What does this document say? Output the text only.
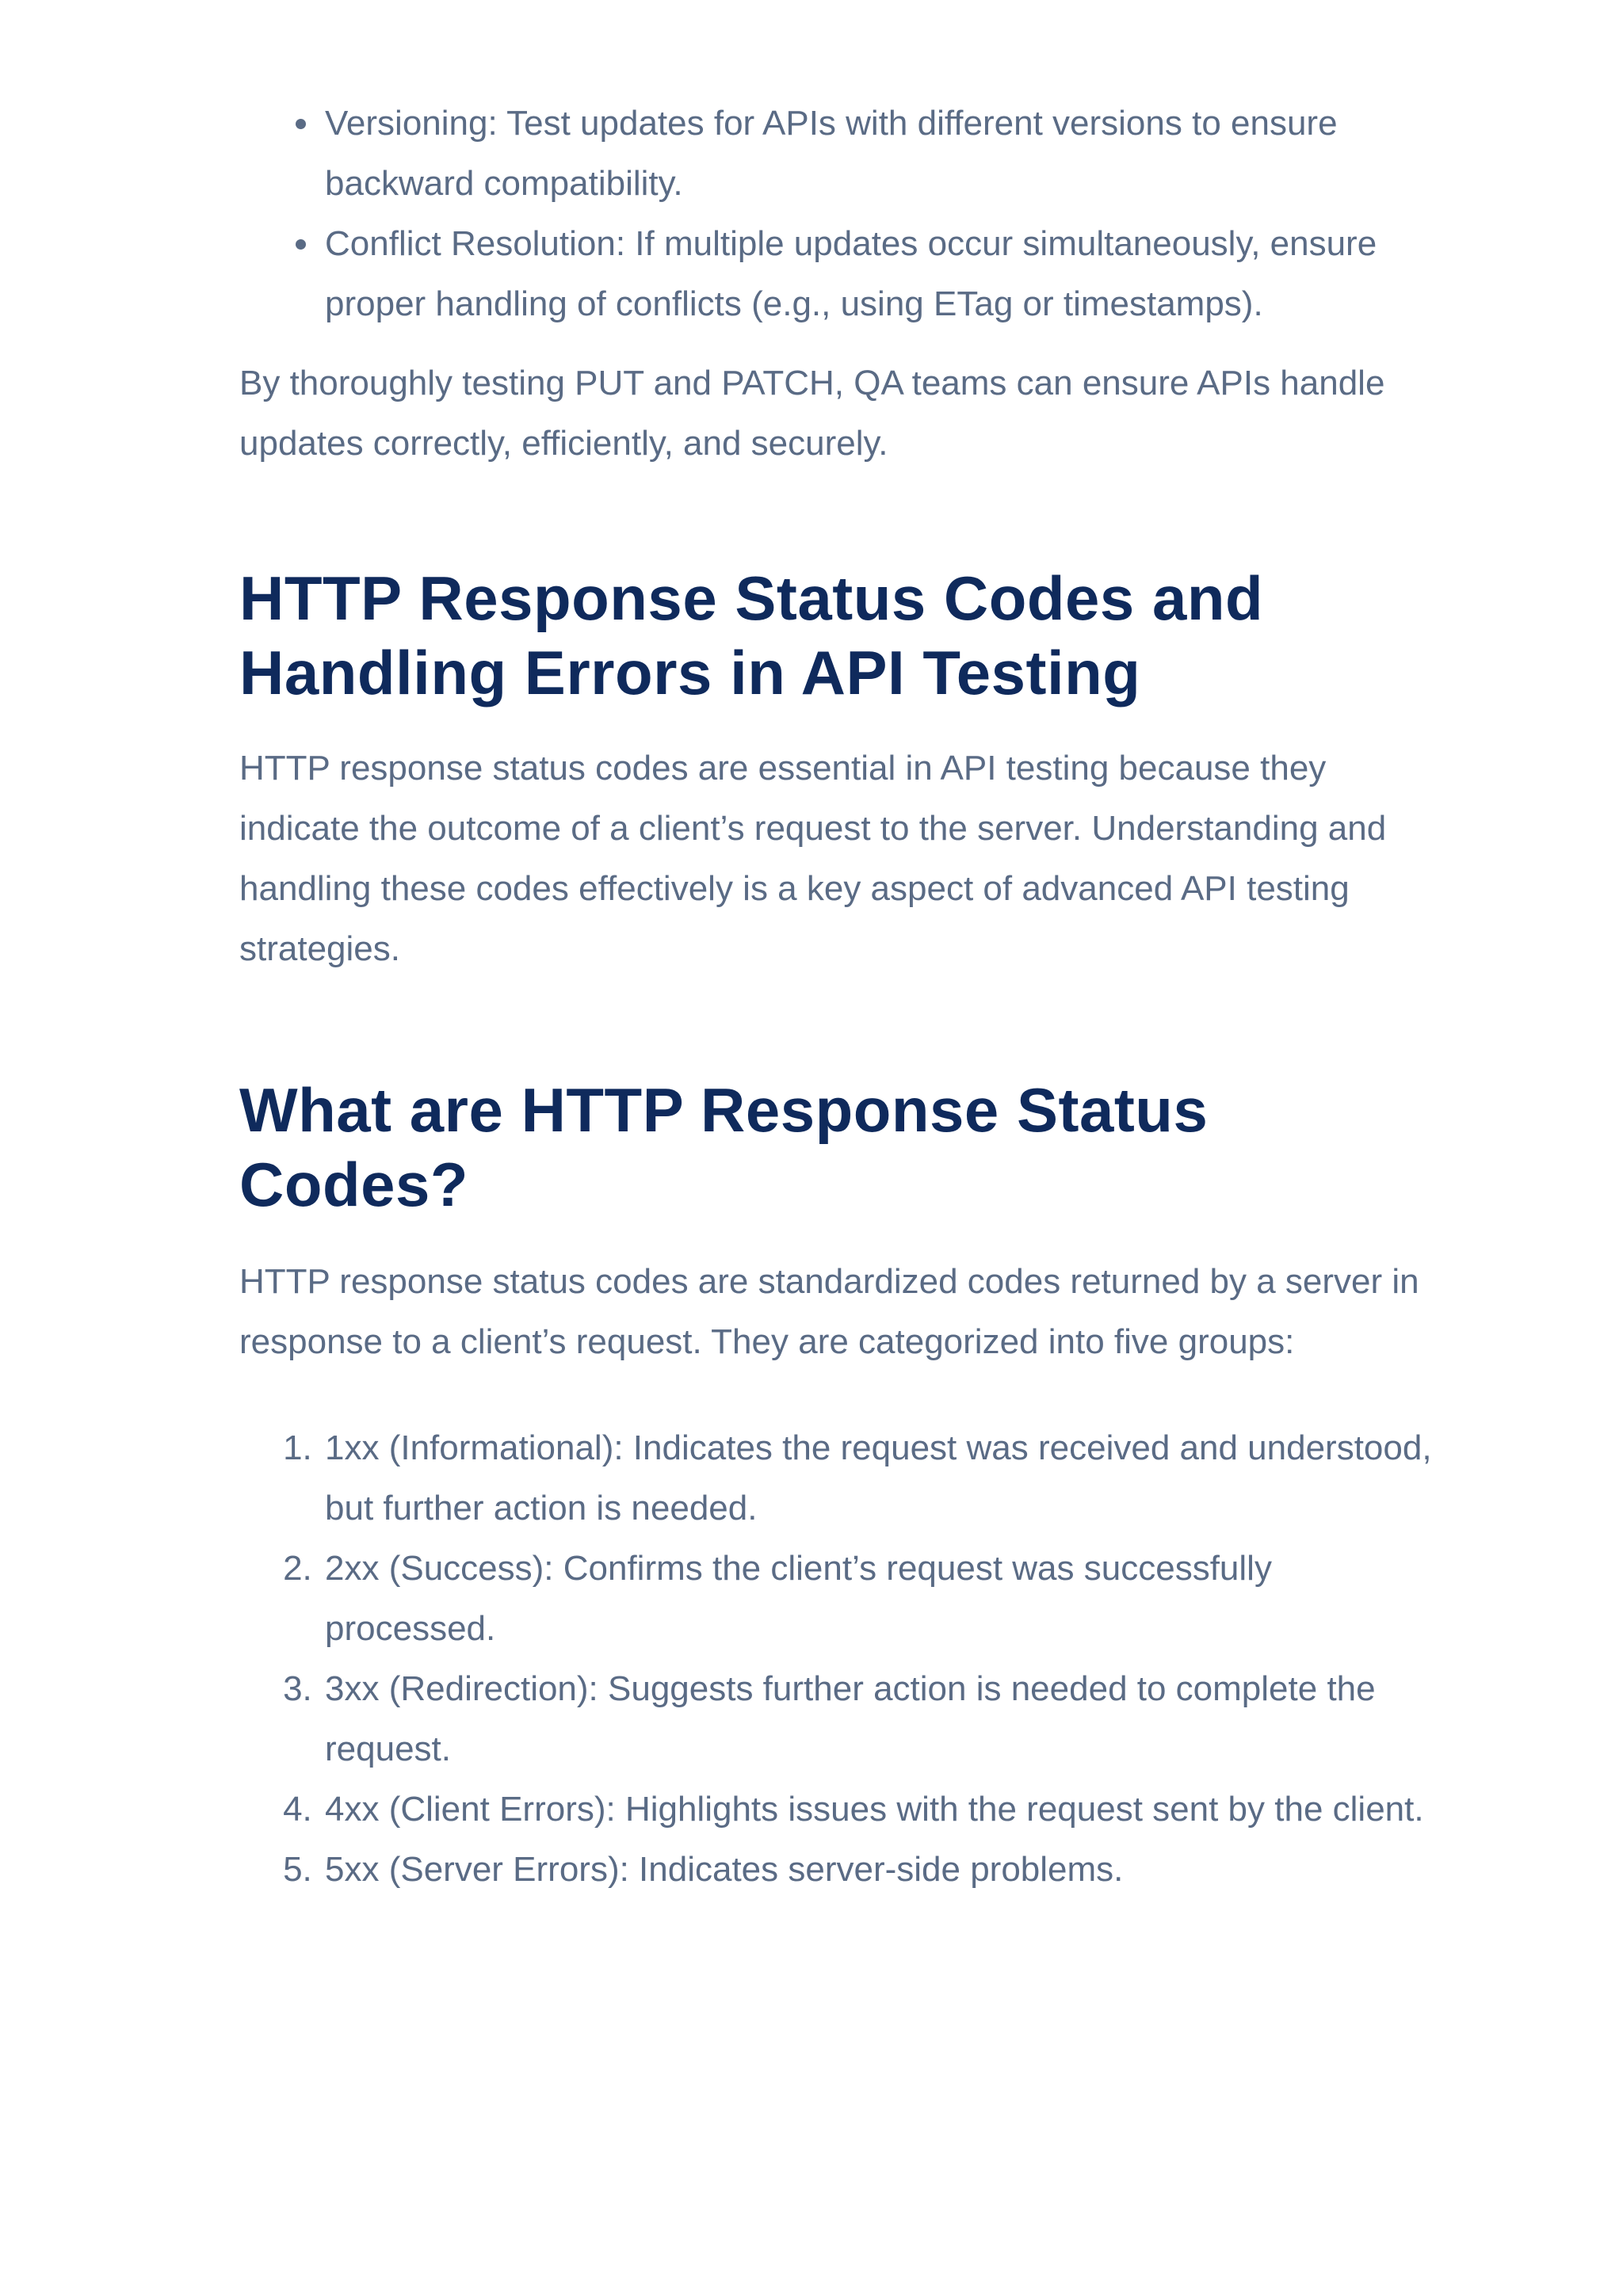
• Versioning: Test updates for APIs with different versions to ensure backward compatibility.
• Conflict Resolution: If multiple updates occur simultaneously, ensure proper handling of conflicts (e.g., using ETag or timestamps).

By thoroughly testing PUT and PATCH, QA teams can ensure APIs handle updates correctly, efficiently, and securely.

HTTP Response Status Codes and Handling Errors in API Testing

HTTP response status codes are essential in API testing because they indicate the outcome of a client’s request to the server. Understanding and handling these codes effectively is a key aspect of advanced API testing strategies.

What are HTTP Response Status Codes?

HTTP response status codes are standardized codes returned by a server in response to a client’s request. They are categorized into five groups:

1. 1xx (Informational): Indicates the request was received and understood, but further action is needed.
2. 2xx (Success): Confirms the client’s request was successfully processed.
3. 3xx (Redirection): Suggests further action is needed to complete the request.
4. 4xx (Client Errors): Highlights issues with the request sent by the client.
5. 5xx (Server Errors): Indicates server-side problems.
